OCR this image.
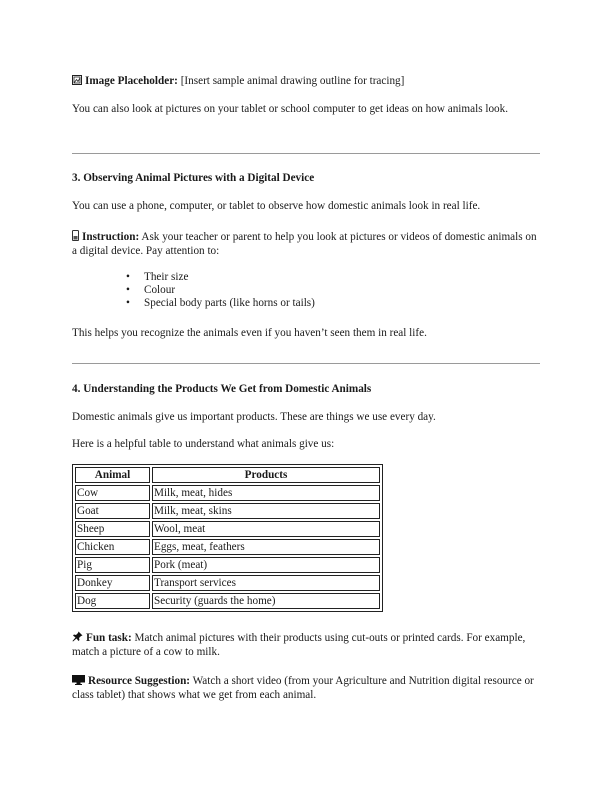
Image Placeholder: [Insert sample animal drawing outline for tracing]

You can also look at pictures on your tablet or school computer to get ideas on how animals look.

3. Observing Animal Pictures with a Digital Device

You can use a phone, computer, or tablet to observe how domestic animals look in real life.

Instruction: Ask your teacher or parent to help you look at pictures or videos of domestic animals on a digital device. Pay attention to:

• Their size
• Colour
• Special body parts (like horns or tails)

This helps you recognize the animals even if you haven’t seen them in real life.

4. Understanding the Products We Get from Domestic Animals

Domestic animals give us important products. These are things we use every day.

Here is a helpful table to understand what animals give us:

Animal	Products
Cow	Milk, meat, hides
Goat	Milk, meat, skins
Sheep	Wool, meat
Chicken	Eggs, meat, feathers
Pig	Pork (meat)
Donkey	Transport services
Dog	Security (guards the home)

Fun task: Match animal pictures with their products using cut-outs or printed cards. For example, match a picture of a cow to milk.

Resource Suggestion: Watch a short video (from your Agriculture and Nutrition digital resource or class tablet) that shows what we get from each animal.
